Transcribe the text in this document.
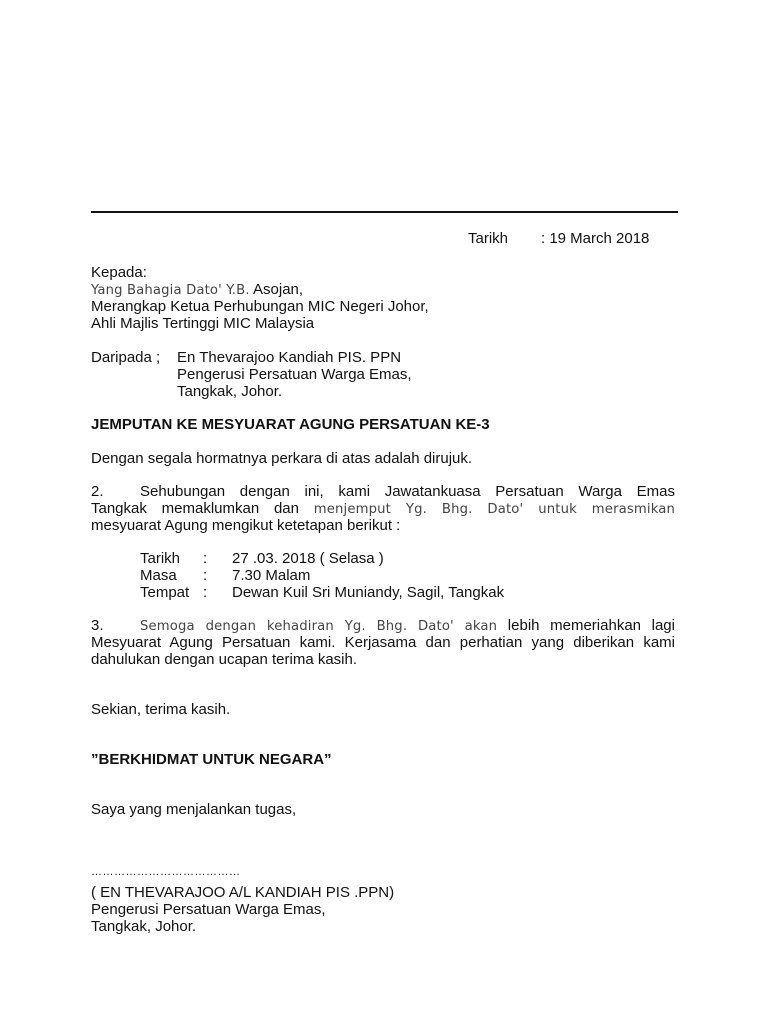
Tarikh : 19 March 2018
Kepada:
Yang Bahagia Dato' Y.B. Asojan,
Merangkap Ketua Perhubungan MIC Negeri Johor,
Ahli Majlis Tertinggi MIC Malaysia
Daripada ; En Thevarajoo Kandiah PIS. PPN
Pengerusi Persatuan Warga Emas,
Tangkak, Johor.
JEMPUTAN KE MESYUARAT AGUNG PERSATUAN KE-3
Dengan segala hormatnya perkara di atas adalah dirujuk.
2. Sehubungan dengan ini, kami Jawatankuasa Persatuan Warga Emas
Tangkak memaklumkan dan menjemput Yg. Bhg. Dato' untuk merasmikan
mesyuarat Agung mengikut ketetapan berikut :
Tarikh : 27 .03. 2018 ( Selasa )
Masa : 7.30 Malam
Tempat : Dewan Kuil Sri Muniandy, Sagil, Tangkak
3.	Semoga dengan kehadiran Yg. Bhg. Dato' akan lebih memeriahkan lagi
Mesyuarat Agung Persatuan kami. Kerjasama dan perhatian yang diberikan kami
dahulukan dengan ucapan terima kasih.
Sekian, terima kasih.
”BERKHIDMAT UNTUK NEGARA”
Saya yang menjalankan tugas,
…………………………………
( EN THEVARAJOO A/L KANDIAH PIS .PPN)
Pengerusi Persatuan Warga Emas,
Tangkak, Johor.
